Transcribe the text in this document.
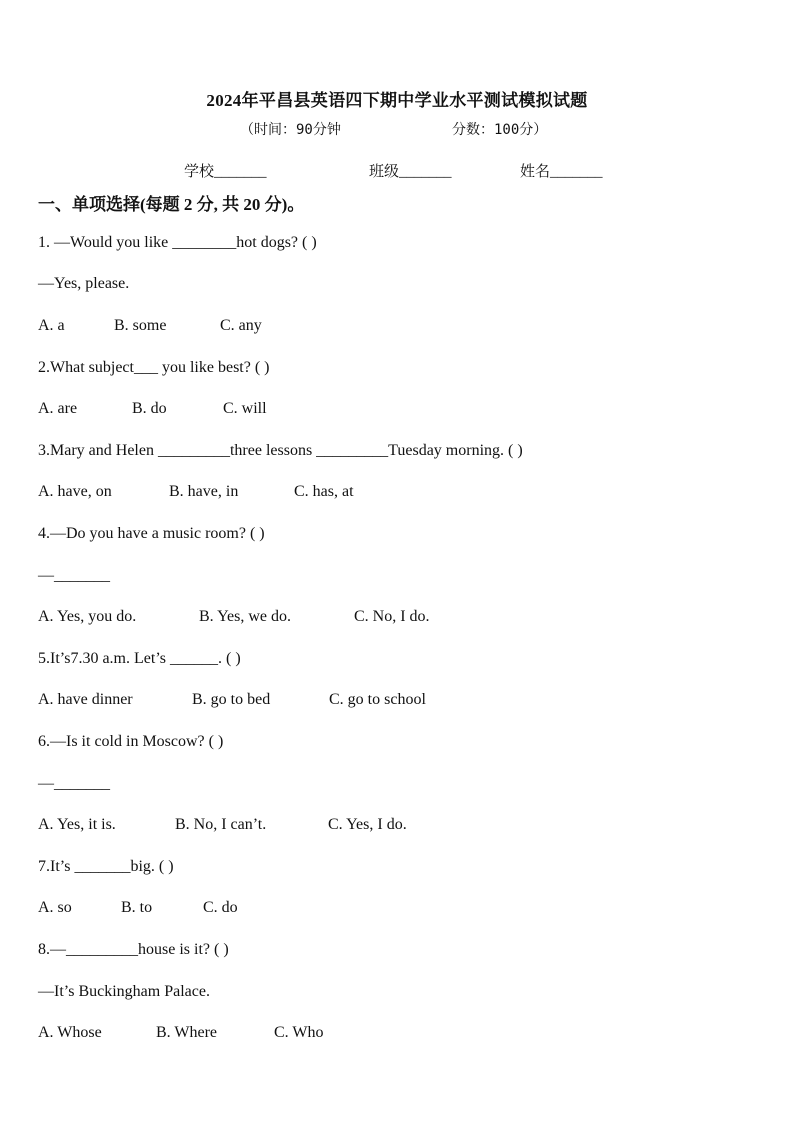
2024年平昌县英语四下期中学业水平测试模拟试题
（时间：90分钟	分数：100分）
学校_______	班级_______	姓名_______
一、单项选择(每题 2 分, 共 20 分)。
1. —Would you like ________hot dogs? ( )
—Yes, please.
A. a	B. some	C. any
2.What subject___ you like best? ( )
A. are	B. do	C. will
3.Mary and Helen _________three lessons _________Tuesday morning. ( )
A. have, on	B. have, in	C. has, at
4.—Do you have a music room? ( )
—_______
A. Yes, you do.	B. Yes, we do.	C. No, I do.
5.It’s7.30 a.m. Let’s ______. ( )
A. have dinner	B. go to bed	C. go to school
6.—Is it cold in Moscow? ( )
—_______
A. Yes, it is.	B. No, I can’t.	C. Yes, I do.
7.It’s _______big. ( )
A. so	B. to	C. do
8.—_________house is it? ( )
—It’s Buckingham Palace.
A. Whose	B. Where	C. Who
